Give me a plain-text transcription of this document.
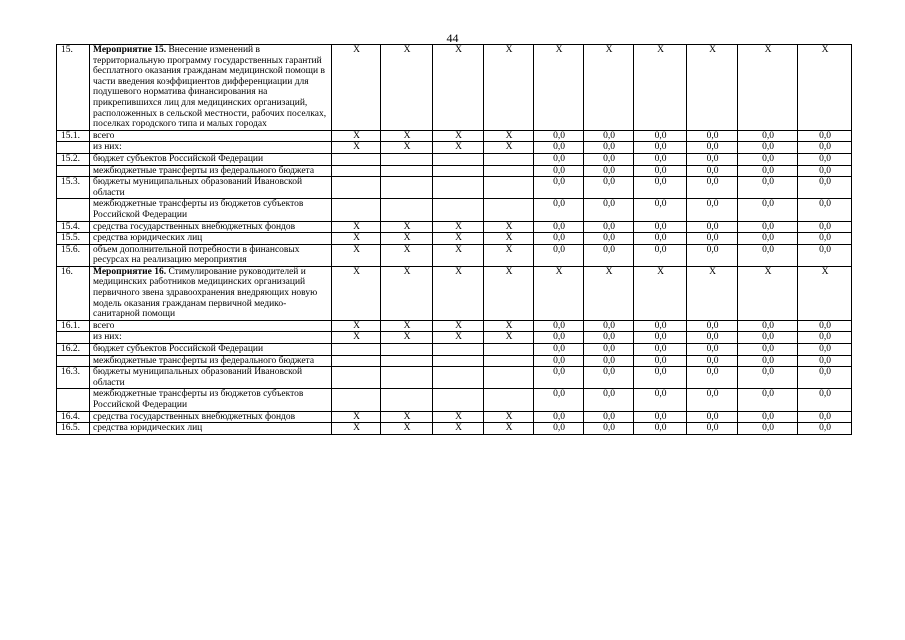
44
15.	Мероприятие 15. Внесение изменений в территориальную программу государственных гарантий бесплатного оказания гражданам медицинской помощи в части введения коэффициентов дифференциации для подушевого норматива финансирования на прикрепившихся лиц для медицинских организаций, расположенных в сельской местности, рабочих поселках, поселках городского типа и малых городах	Х	Х	Х	Х	Х	Х	Х	Х	Х	Х
15.1.	всего	Х	Х	Х	Х	0,0	0,0	0,0	0,0	0,0	0,0
	из них:	Х	Х	Х	Х	0,0	0,0	0,0	0,0	0,0	0,0
15.2.	бюджет субъектов Российской Федерации					0,0	0,0	0,0	0,0	0,0	0,0
	межбюджетные трансферты из федерального бюджета					0,0	0,0	0,0	0,0	0,0	0,0
15.3.	бюджеты муниципальных образований Ивановской области					0,0	0,0	0,0	0,0	0,0	0,0
	межбюджетные трансферты из бюджетов субъектов Российской Федерации					0,0	0,0	0,0	0,0	0,0	0,0
15.4.	средства государственных внебюджетных фондов	Х	Х	Х	Х	0,0	0,0	0,0	0,0	0,0	0,0
15.5.	средства юридических лиц	Х	Х	Х	Х	0,0	0,0	0,0	0,0	0,0	0,0
15.6.	объем дополнительной потребности в финансовых ресурсах на реализацию мероприятия	Х	Х	Х	Х	0,0	0,0	0,0	0,0	0,0	0,0
16.	Мероприятие 16. Стимулирование руководителей и медицинских работников медицинских организаций первичного звена здравоохранения внедряющих новую модель оказания гражданам первичной медико-санитарной помощи	Х	Х	Х	Х	Х	Х	Х	Х	Х	Х
16.1.	всего	Х	Х	Х	Х	0,0	0,0	0,0	0,0	0,0	0,0
	из них:	Х	Х	Х	Х	0,0	0,0	0,0	0,0	0,0	0,0
16.2.	бюджет субъектов Российской Федерации					0,0	0,0	0,0	0,0	0,0	0,0
	межбюджетные трансферты из федерального бюджета					0,0	0,0	0,0	0,0	0,0	0,0
16.3.	бюджеты муниципальных образований Ивановской области					0,0	0,0	0,0	0,0	0,0	0,0
	межбюджетные трансферты из бюджетов субъектов Российской Федерации					0,0	0,0	0,0	0,0	0,0	0,0
16.4.	средства государственных внебюджетных фондов	Х	Х	Х	Х	0,0	0,0	0,0	0,0	0,0	0,0
16.5.	средства юридических лиц	Х	Х	Х	Х	0,0	0,0	0,0	0,0	0,0	0,0
